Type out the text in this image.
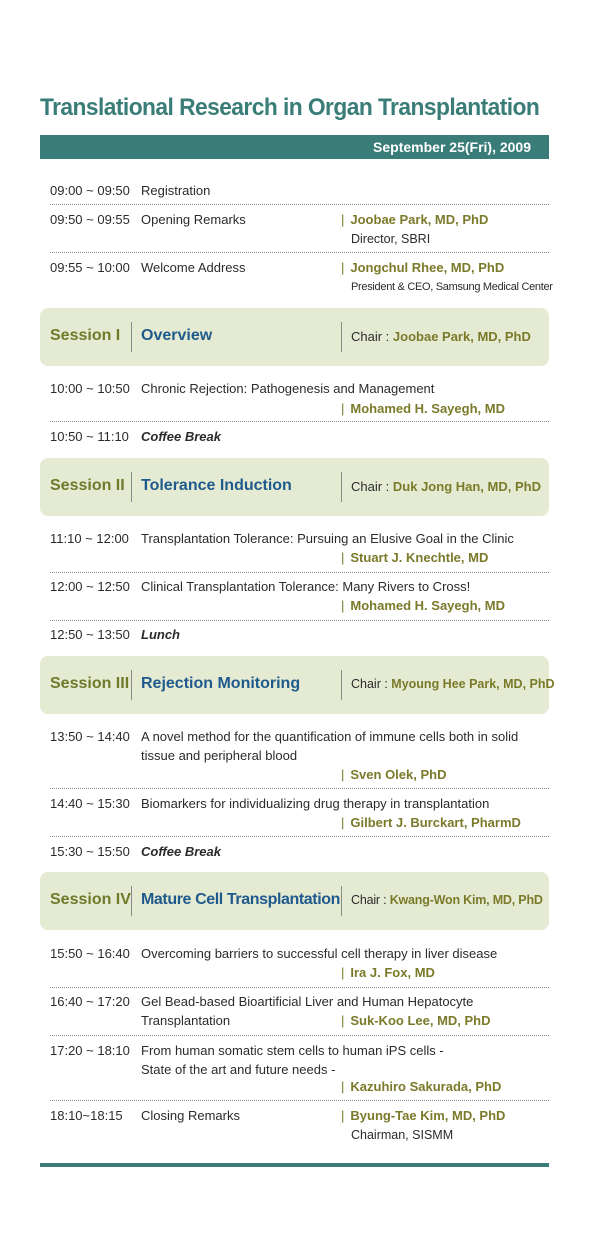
Translational Research in Organ Transplantation
September 25(Fri), 2009
09:00 ~ 09:50 Registration
09:50 ~ 09:55 Opening Remarks	| Joobae Park, MD, PhD
Director, SBRI
09:55 ~ 10:00 Welcome Address	| Jongchul Rhee, MD, PhD
President & CEO, Samsung Medical Center
Session I Overview	Chair : Joobae Park, MD, PhD
10:00 ~ 10:50 Chronic Rejection: Pathogenesis and Management
| Mohamed H. Sayegh, MD
10:50 ~ 11:10 Coffee Break
Session II Tolerance Induction	Chair : Duk Jong Han, MD, PhD
11:10 ~ 12:00 Transplantation Tolerance: Pursuing an Elusive Goal in the Clinic
| Stuart J. Knechtle, MD
12:00 ~ 12:50 Clinical Transplantation Tolerance: Many Rivers to Cross!
| Mohamed H. Sayegh, MD
12:50 ~ 13:50 Lunch
Session III Rejection Monitoring	Chair : Myoung Hee Park, MD, PhD
13:50 ~ 14:40 A novel method for the quantification of immune cells both in solid tissue and peripheral blood
| Sven Olek, PhD
14:40 ~ 15:30 Biomarkers for individualizing drug therapy in transplantation
| Gilbert J. Burckart, PharmD
15:30 ~ 15:50 Coffee Break
Session IV Mature Cell Transplantation Chair : Kwang-Won Kim, MD, PhD
15:50 ~ 16:40 Overcoming barriers to successful cell therapy in liver disease
| Ira J. Fox, MD
16:40 ~ 17:20 Gel Bead-based Bioartificial Liver and Human Hepatocyte Transplantation	| Suk-Koo Lee, MD, PhD
17:20 ~ 18:10 From human somatic stem cells to human iPS cells -State of the art and future needs -
| Kazuhiro Sakurada, PhD
18:10~18:15 Closing Remarks	| Byung-Tae Kim, MD, PhD
Chairman, SISMM
